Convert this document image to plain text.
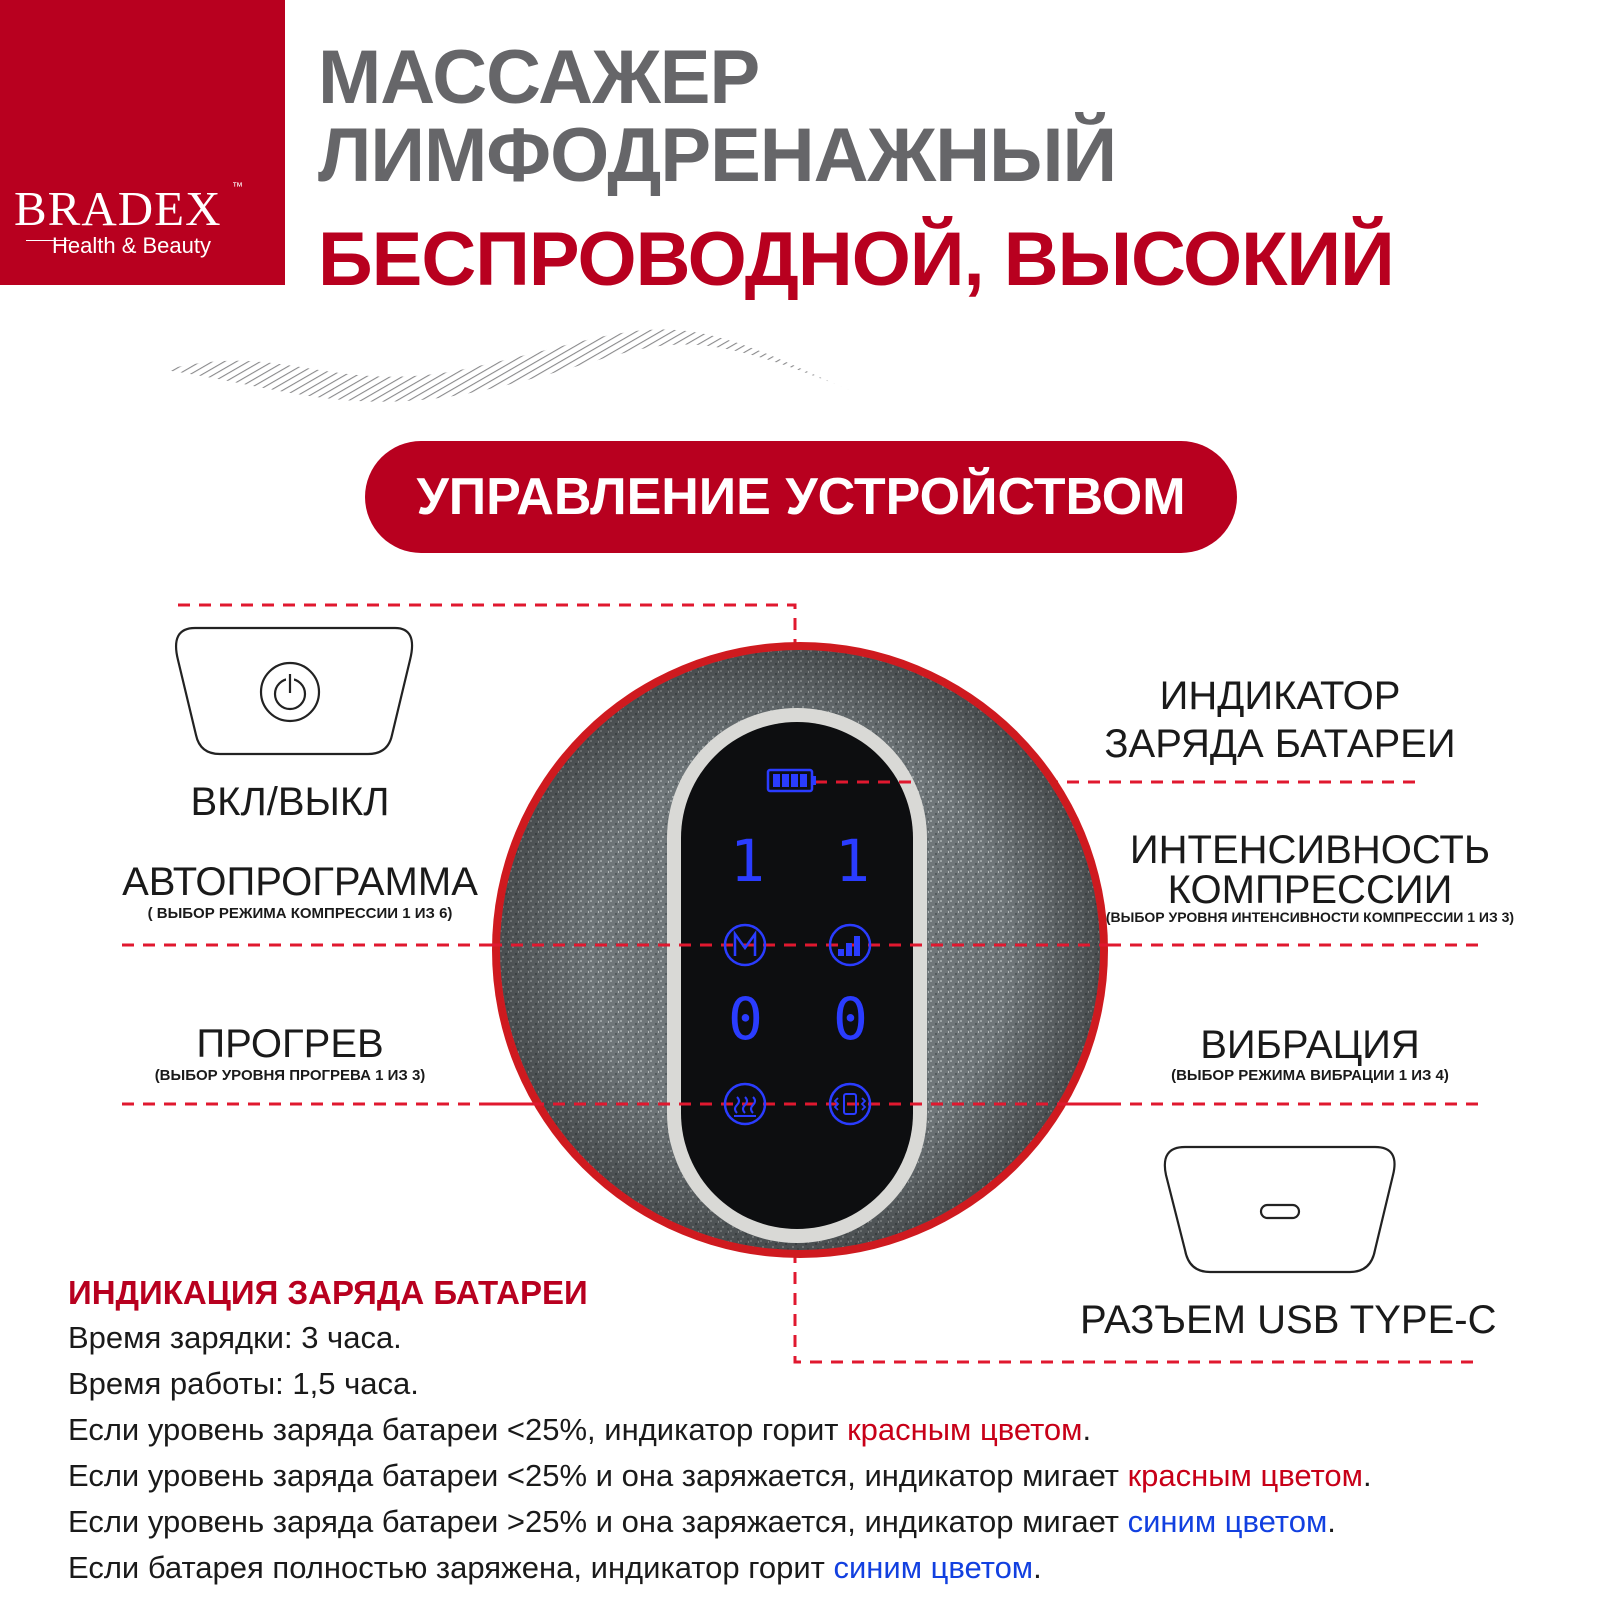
BRADEX ™
Health & Beauty
МАССАЖЕР
ЛИМФОДРЕНАЖНЫЙ
БЕСПРОВОДНОЙ, ВЫСОКИЙ
УПРАВЛЕНИЕ УСТРОЙСТВОМ
1 1
0 0
ВКЛ/ВЫКЛ
АВТОПРОГРАММА
( ВЫБОР РЕЖИМА КОМПРЕССИИ 1 ИЗ 6)
ПРОГРЕВ
(ВЫБОР УРОВНЯ ПРОГРЕВА 1 ИЗ 3)
ИНДИКАТОР
ЗАРЯДА БАТАРЕИ
ИНТЕНСИВНОСТЬ
КОМПРЕССИИ
(ВЫБОР УРОВНЯ ИНТЕНСИВНОСТИ КОМПРЕССИИ 1 ИЗ 3)
ВИБРАЦИЯ
(ВЫБОР РЕЖИМА ВИБРАЦИИ 1 ИЗ 4)
РАЗЪЕМ USB TYPE-C
ИНДИКАЦИЯ ЗАРЯДА БАТАРЕИ
Время зарядки: 3 часа.
Время работы: 1,5 часа.
Если уровень заряда батареи <25%, индикатор горит красным цветом.
Если уровень заряда батареи <25% и она заряжается, индикатор мигает красным цветом.
Если уровень заряда батареи >25% и она заряжается, индикатор мигает синим цветом.
Если батарея полностью заряжена, индикатор горит синим цветом.
